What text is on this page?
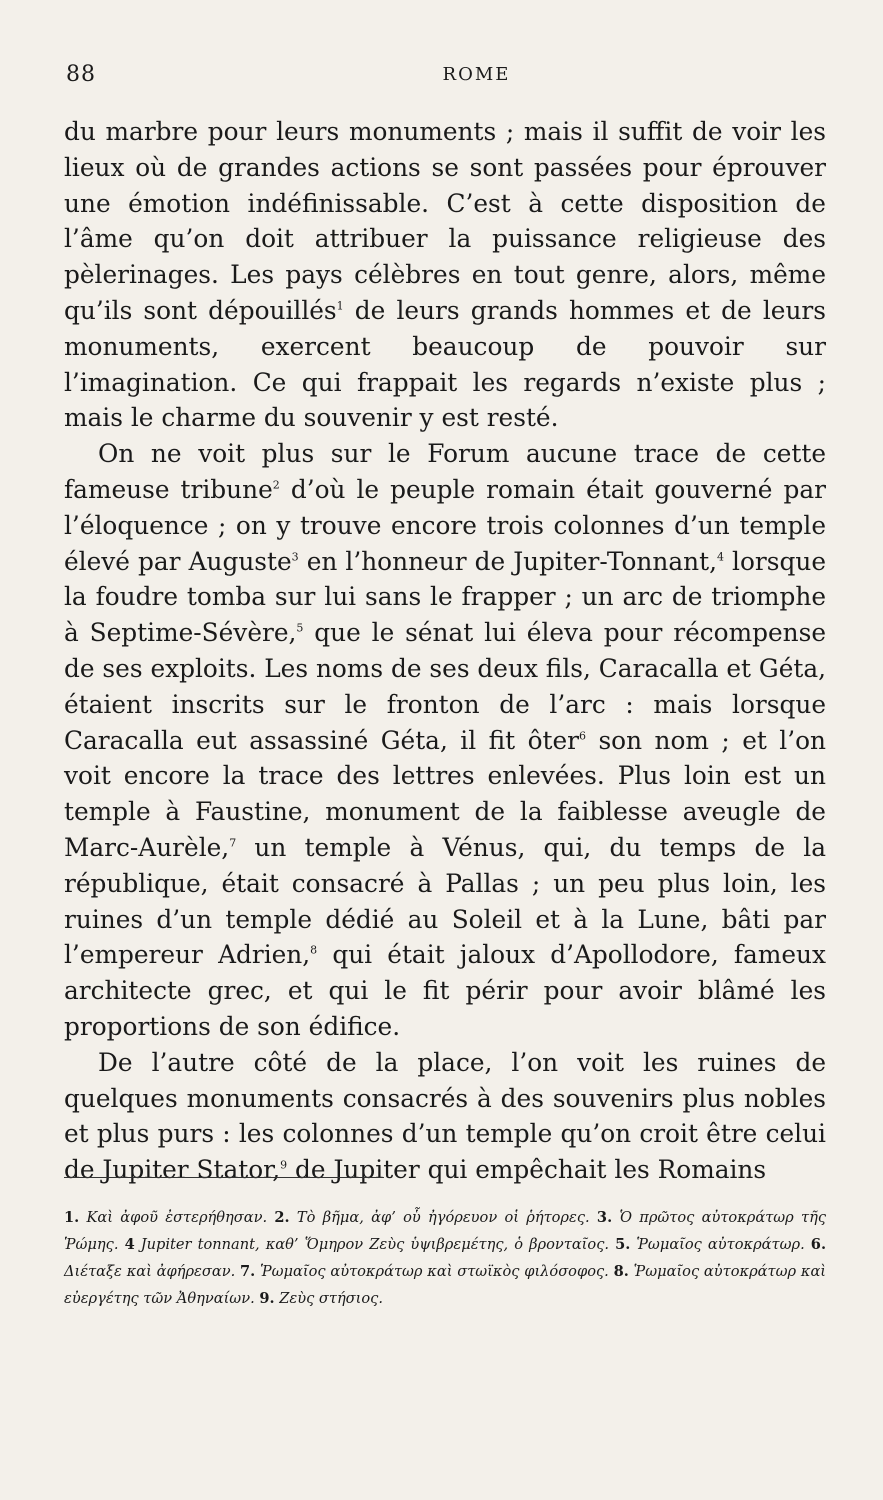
88	ROME

du marbre pour leurs monuments ; mais il suffit de voir les lieux où de grandes actions se sont passées pour éprouver une émotion indéfinissable. C’est à cette disposition de l’âme qu’on doit attribuer la puissance religieuse des pèlerinages. Les pays célèbres en tout genre, alors, même qu’ils sont dépouillés$^1$ de leurs grands hommes et de leurs monuments, exercent beaucoup de pouvoir sur l’imagination. Ce qui frappait les regards n’existe plus ; mais le charme du souvenir y est resté.

On ne voit plus sur le Forum aucune trace de cette fameuse tribune$^2$ d’où le peuple romain était gouverné par l’éloquence ; on y trouve encore trois colonnes d’un temple élevé par Auguste$^3$ en l’honneur de Jupiter-Tonnant,$^4$ lorsque la foudre tomba sur lui sans le frapper ; un arc de triomphe à Septime-Sévère,$^5$ que le sénat lui éleva pour récompense de ses exploits. Les noms de ses deux fils, Caracalla et Géta, étaient inscrits sur le fronton de l’arc : mais lorsque Caracalla eut assassiné Géta, il fit ôter$^6$ son nom ; et l’on voit encore la trace des lettres enlevées. Plus loin est un temple à Faustine, monument de la faiblesse aveugle de Marc-Aurèle,$^7$ un temple à Vénus, qui, du temps de la république, était consacré à Pallas ; un peu plus loin, les ruines d’un temple dédié au Soleil et à la Lune, bâti par l’empereur Adrien,$^8$ qui était jaloux d’Apollodore, fameux architecte grec, et qui le fit périr pour avoir blâmé les proportions de son édifice.

De l’autre côté de la place, l’on voit les ruines de quelques monuments consacrés à des souvenirs plus nobles et plus purs : les colonnes d’un temple qu’on croit être celui de Jupiter Stator,$^9$ de Jupiter qui empêchait les Romains

1. Καὶ ἀφοῦ ἐστερήθησαν. 2. Τὸ βῆμα, ἀφ’ οὗ ἠγόρευον οἱ ῥήτορες. 3. Ὁ πρῶτος αὐτοκράτωρ τῆς Ῥώμης. 4 Jupiter tonnant, καθ’ Ὅμηρον Ζεὺς ὑψιβρεμέτης, ὁ βρονταῖος. 5. Ῥωμαῖος αὐτοκράτωρ. 6. Διέταξε καὶ ἀφήρεσαν. 7. Ῥωμαῖος αὐτοκράτωρ καὶ στωϊκὸς φιλόσοφος. 8. Ῥωμαῖος αὐτοκράτωρ καὶ εὐεργέτης τῶν Ἀθηναίων. 9. Ζεὺς στήσιος.
